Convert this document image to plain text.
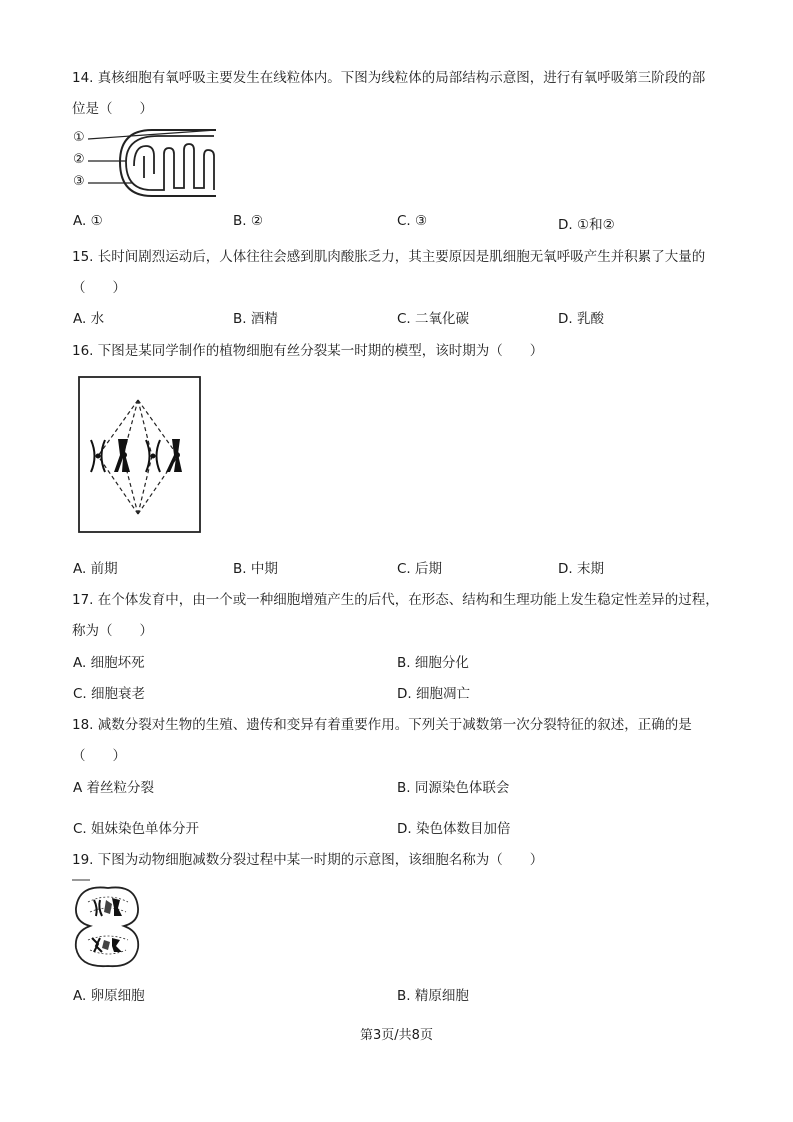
14. 真核细胞有氧呼吸主要发生在线粒体内。下图为线粒体的局部结构示意图，进行有氧呼吸第三阶段的部
位是（　　）
①
②
③
A. ①	B. ②	C. ③	D. ①和②
15. 长时间剧烈运动后，人体往往会感到肌肉酸胀乏力，其主要原因是肌细胞无氧呼吸产生并积累了大量的
（　　）
A. 水	B. 酒精	C. 二氧化碳	D. 乳酸
16. 下图是某同学制作的植物细胞有丝分裂某一时期的模型，该时期为（　　）
A. 前期	B. 中期	C. 后期	D. 末期
17. 在个体发育中，由一个或一种细胞增殖产生的后代，在形态、结构和生理功能上发生稳定性差异的过程，
称为（　　）
A. 细胞坏死	B. 细胞分化
C. 细胞衰老	D. 细胞凋亡
18. 减数分裂对生物的生殖、遗传和变异有着重要作用。下列关于减数第一次分裂特征的叙述，正确的是
（　　）
A 着丝粒分裂	B. 同源染色体联会
C. 姐妹染色单体分开	D. 染色体数目加倍
19. 下图为动物细胞减数分裂过程中某一时期的示意图，该细胞名称为（　　）
A. 卵原细胞	B. 精原细胞
第3页/共8页
